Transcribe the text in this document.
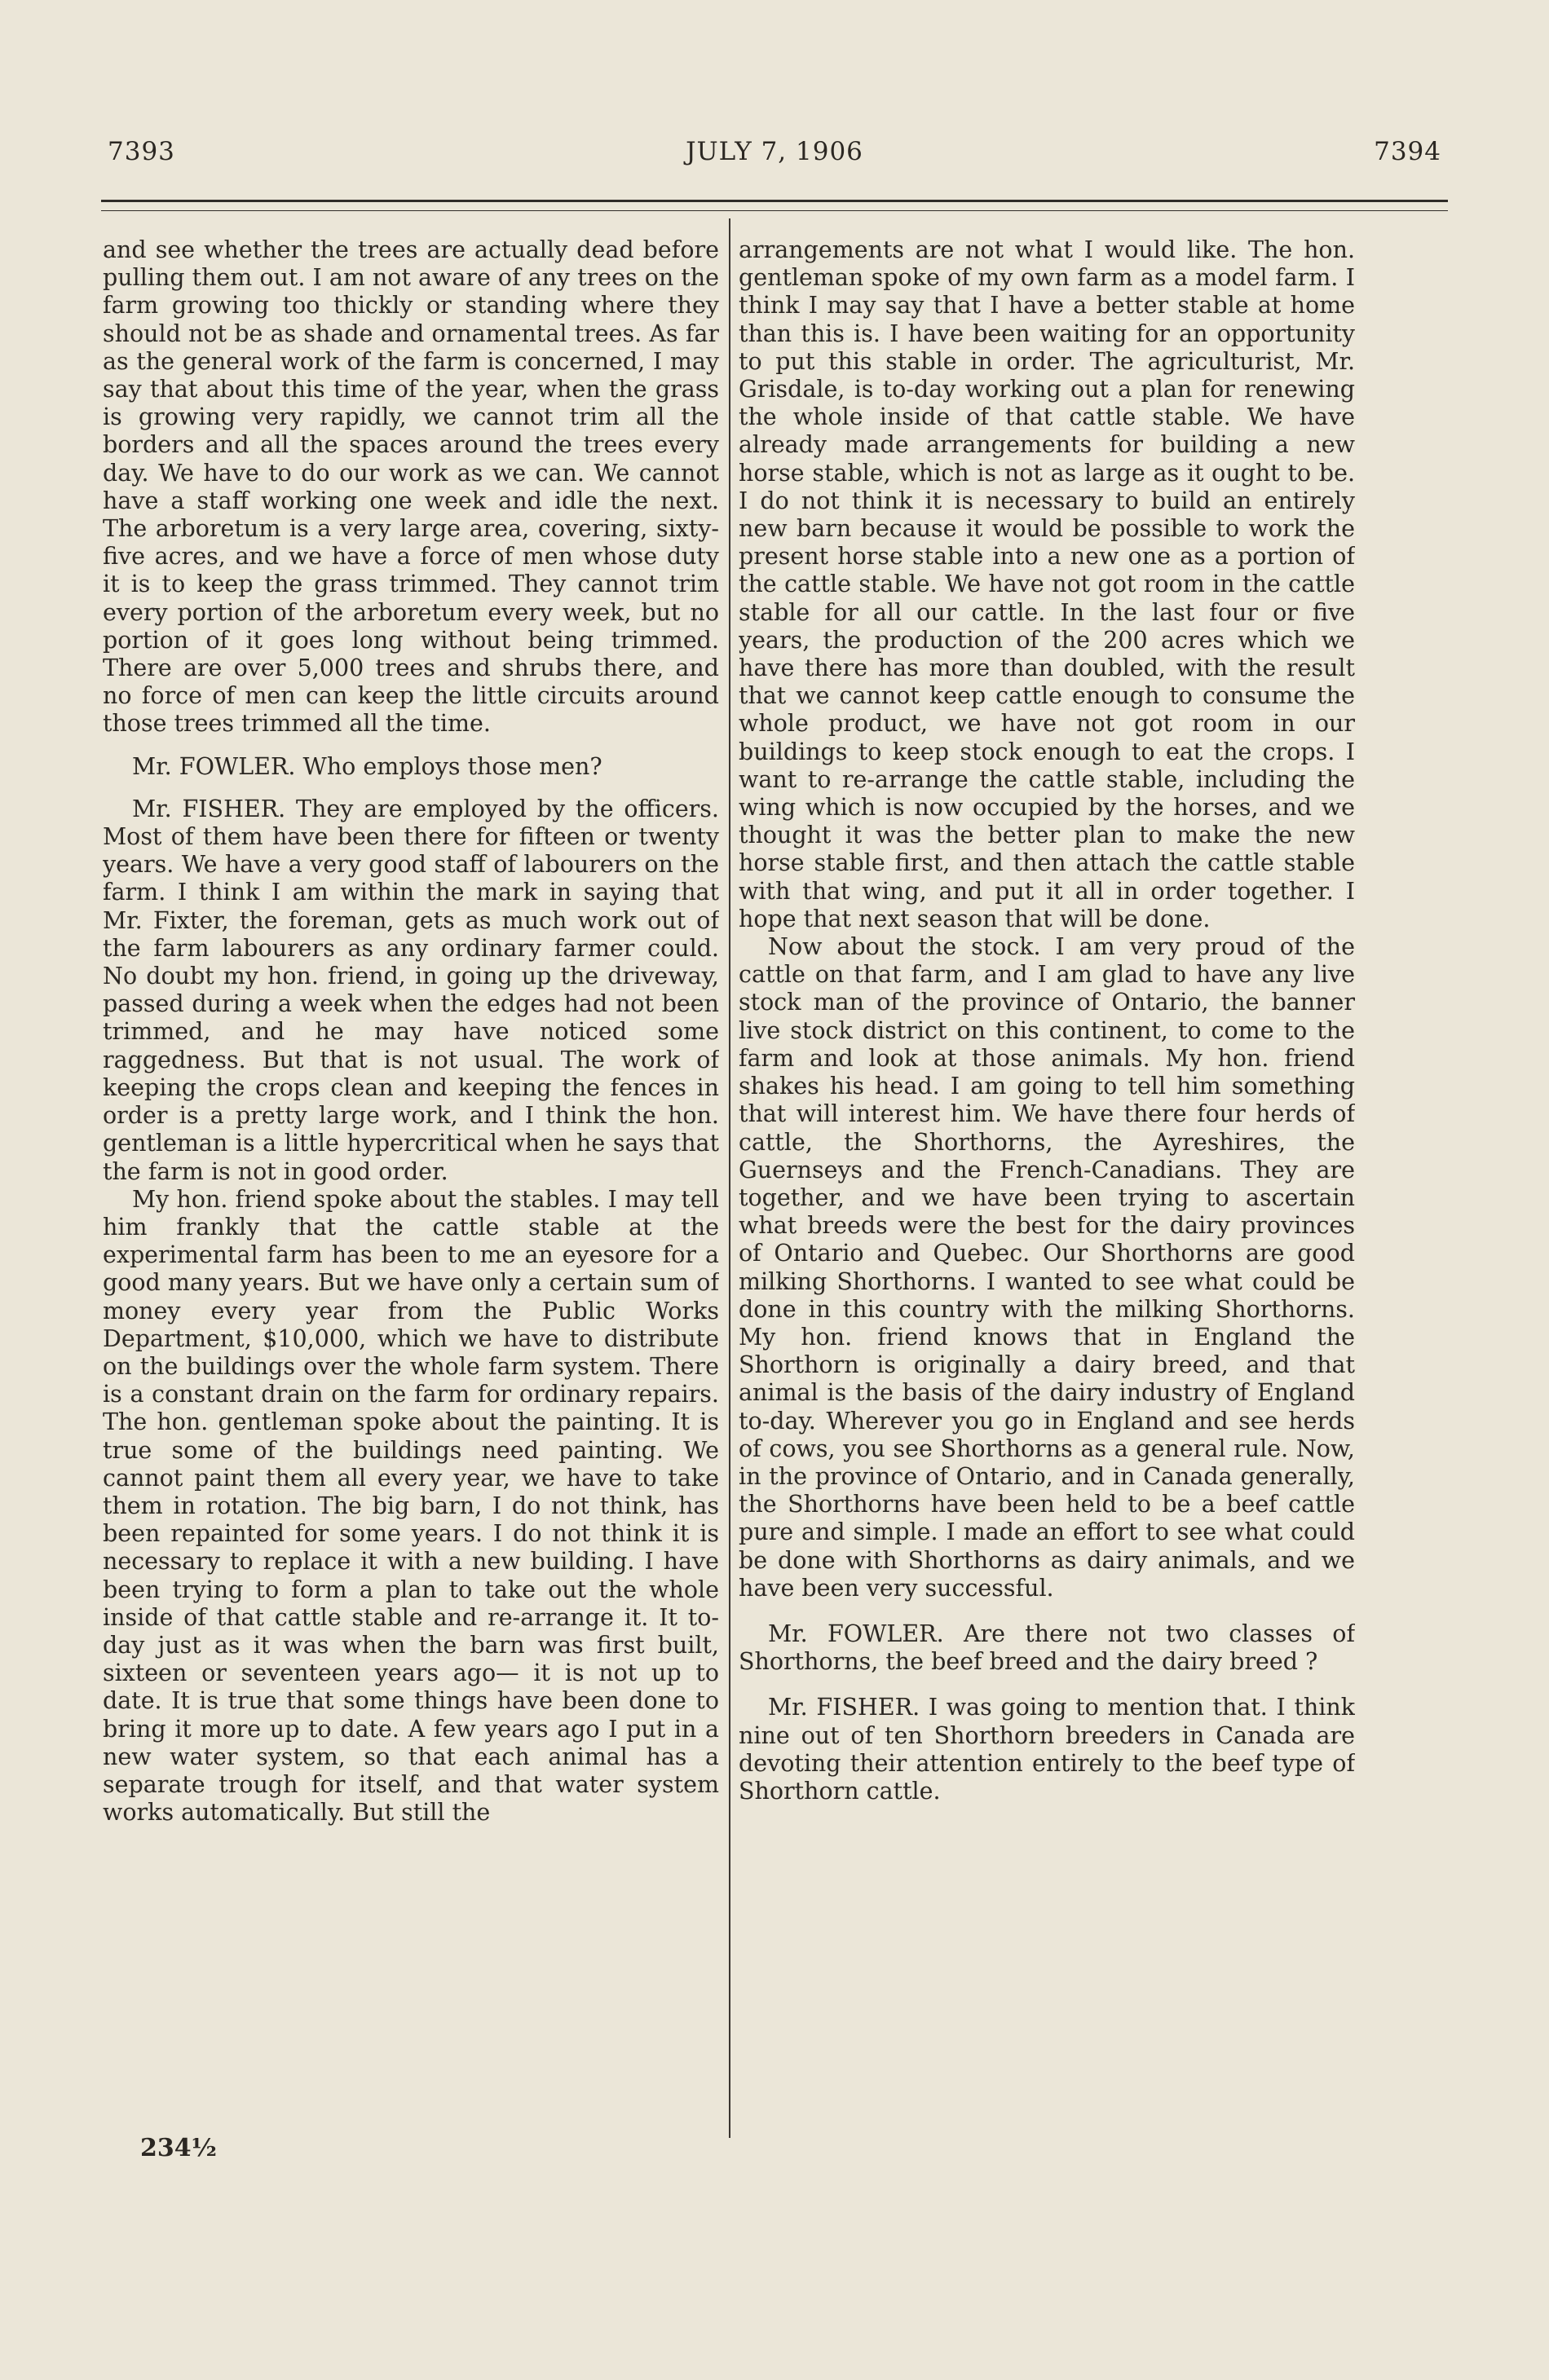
7393	JULY 7, 1906	7394

and see whether the trees are actually dead before pulling them out. I am not aware of any trees on the farm growing too thickly or standing where they should not be as shade and ornamental trees. As far as the general work of the farm is concerned, I may say that about this time of the year, when the grass is growing very rapidly, we cannot trim all the borders and all the spaces around the trees every day. We have to do our work as we can. We cannot have a staff working one week and idle the next. The arboretum is a very large area, covering, sixty-five acres, and we have a force of men whose duty it is to keep the grass trimmed. They cannot trim every portion of the arboretum every week, but no portion of it goes long without being trimmed. There are over 5,000 trees and shrubs there, and no force of men can keep the little circuits around those trees trimmed all the time.

Mr. FOWLER. Who employs those men?

Mr. FISHER. They are employed by the officers. Most of them have been there for fifteen or twenty years. We have a very good staff of labourers on the farm. I think I am within the mark in saying that Mr. Fixter, the foreman, gets as much work out of the farm labourers as any ordinary farmer could. No doubt my hon. friend, in going up the driveway, passed during a week when the edges had not been trimmed, and he may have noticed some raggedness. But that is not usual. The work of keeping the crops clean and keeping the fences in order is a pretty large work, and I think the hon. gentleman is a little hypercritical when he says that the farm is not in good order.

My hon. friend spoke about the stables. I may tell him frankly that the cattle stable at the experimental farm has been to me an eyesore for a good many years. But we have only a certain sum of money every year from the Public Works Department, $10,000, which we have to distribute on the buildings over the whole farm system. There is a constant drain on the farm for ordinary repairs. The hon. gentleman spoke about the painting. It is true some of the buildings need painting. We cannot paint them all every year, we have to take them in rotation. The big barn, I do not think, has been repainted for some years. I do not think it is necessary to replace it with a new building. I have been trying to form a plan to take out the whole inside of that cattle stable and re-arrange it. It to-day just as it was when the barn was first built, sixteen or seventeen years ago— it is not up to date. It is true that some things have been done to bring it more up to date. A few years ago I put in a new water system, so that each animal has a separate trough for itself, and that water system works automatically. But still the

arrangements are not what I would like. The hon. gentleman spoke of my own farm as a model farm. I think I may say that I have a better stable at home than this is. I have been waiting for an opportunity to put this stable in order. The agriculturist, Mr. Grisdale, is to-day working out a plan for renewing the whole inside of that cattle stable. We have already made arrangements for building a new horse stable, which is not as large as it ought to be. I do not think it is necessary to build an entirely new barn because it would be possible to work the present horse stable into a new one as a portion of the cattle stable. We have not got room in the cattle stable for all our cattle. In the last four or five years, the production of the 200 acres which we have there has more than doubled, with the result that we cannot keep cattle enough to consume the whole product, we have not got room in our buildings to keep stock enough to eat the crops. I want to re-arrange the cattle stable, including the wing which is now occupied by the horses, and we thought it was the better plan to make the new horse stable first, and then attach the cattle stable with that wing, and put it all in order together. I hope that next season that will be done.

Now about the stock. I am very proud of the cattle on that farm, and I am glad to have any live stock man of the province of Ontario, the banner live stock district on this continent, to come to the farm and look at those animals. My hon. friend shakes his head. I am going to tell him something that will interest him. We have there four herds of cattle, the Shorthorns, the Ayreshires, the Guernseys and the French-Canadians. They are together, and we have been trying to ascertain what breeds were the best for the dairy provinces of Ontario and Quebec. Our Shorthorns are good milking Shorthorns. I wanted to see what could be done in this country with the milking Shorthorns. My hon. friend knows that in England the Shorthorn is originally a dairy breed, and that animal is the basis of the dairy industry of England to-day. Wherever you go in England and see herds of cows, you see Shorthorns as a general rule. Now, in the province of Ontario, and in Canada generally, the Shorthorns have been held to be a beef cattle pure and simple. I made an effort to see what could be done with Shorthorns as dairy animals, and we have been very successful.

Mr. FOWLER. Are there not two classes of Shorthorns, the beef breed and the dairy breed ?

Mr. FISHER. I was going to mention that. I think nine out of ten Shorthorn breeders in Canada are devoting their attention entirely to the beef type of Shorthorn cattle.

234½
